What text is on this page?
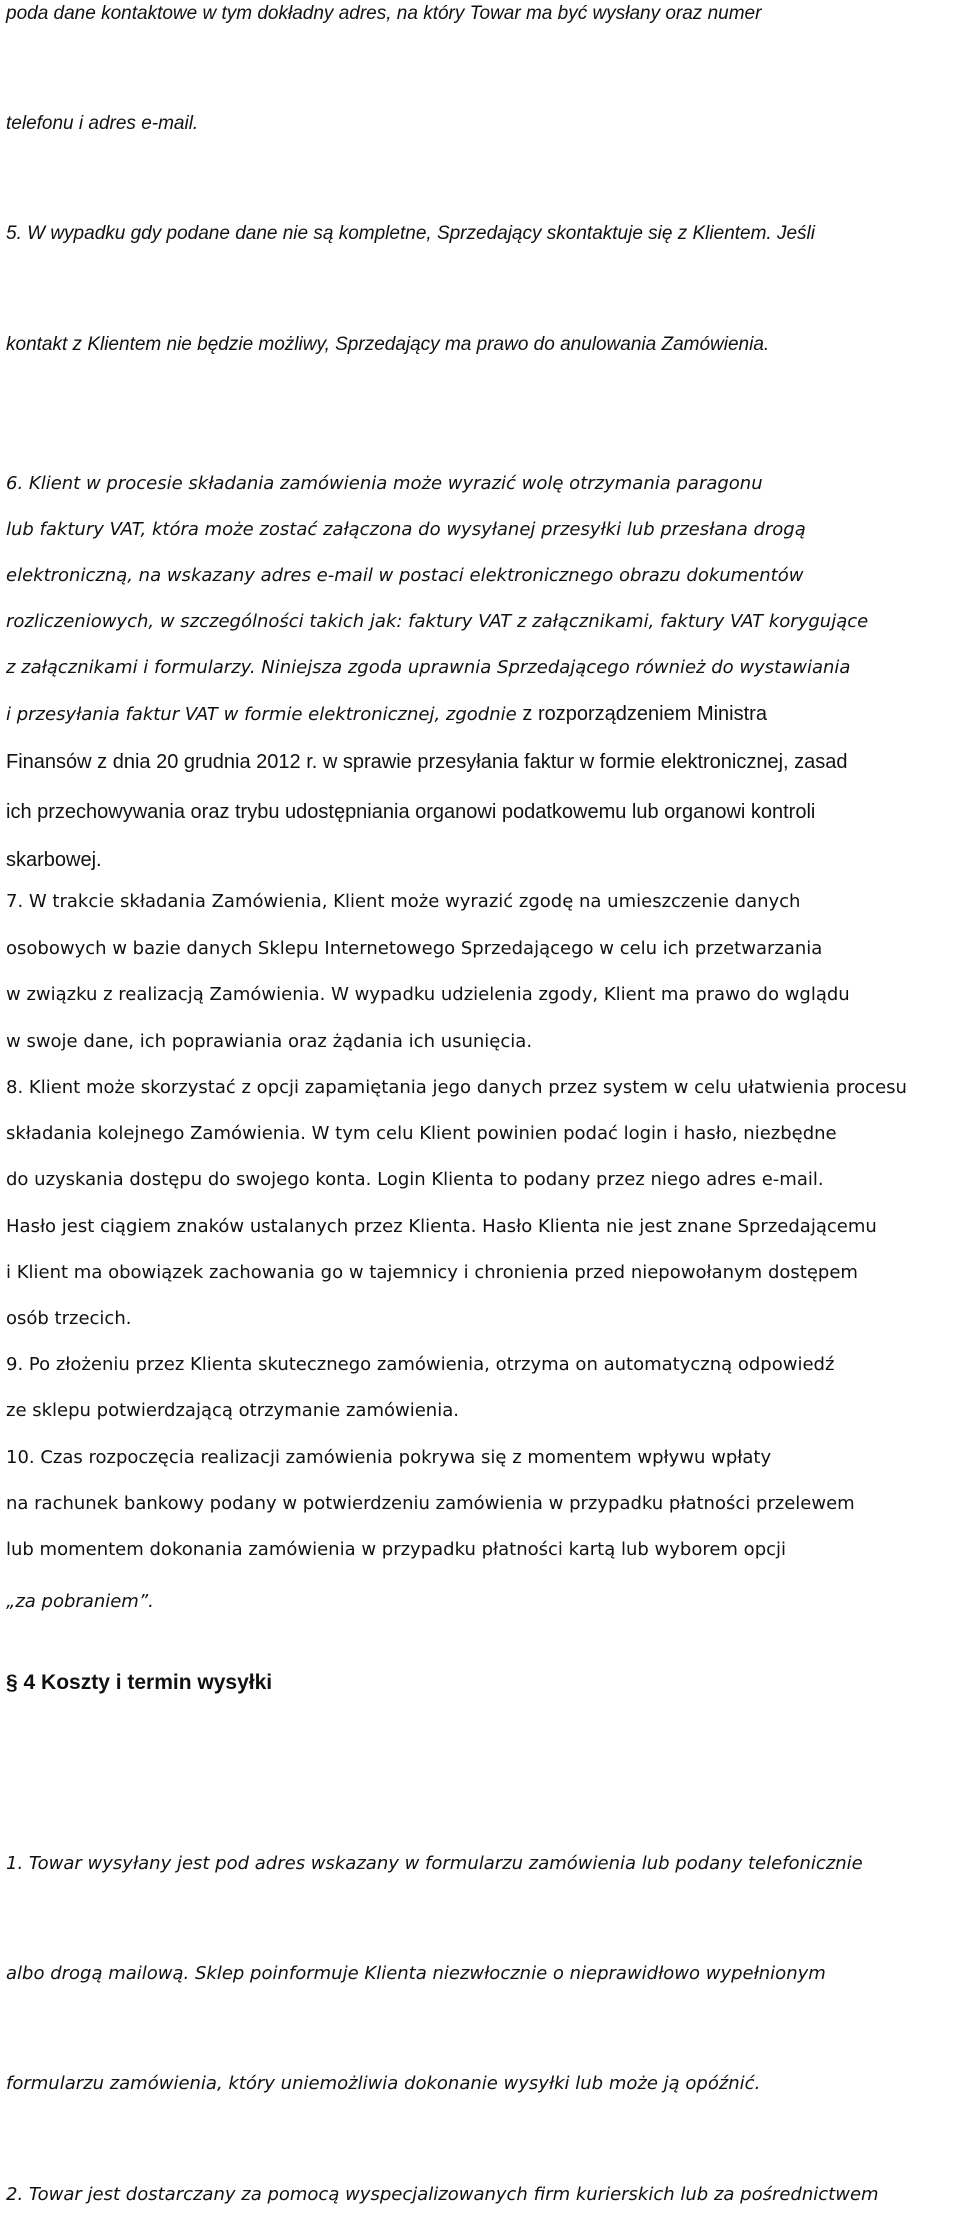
poda dane kontaktowe w tym dokładny adres, na który Towar ma być wysłany oraz numer
telefonu i adres e-mail.
5. W wypadku gdy podane dane nie są kompletne, Sprzedający skontaktuje się z Klientem. Jeśli
kontakt z Klientem nie będzie możliwy, Sprzedający ma prawo do anulowania Zamówienia.
6. Klient w procesie składania zamówienia może wyrazić wolę otrzymania paragonu
lub faktury VAT, która może zostać załączona do wysyłanej przesyłki lub przesłana drogą
elektroniczną, na wskazany adres e-mail w postaci elektronicznego obrazu dokumentów
rozliczeniowych, w szczególności takich jak: faktury VAT z załącznikami, faktury VAT korygujące
z załącznikami i formularzy. Niniejsza zgoda uprawnia Sprzedającego również do wystawiania
i przesyłania faktur VAT w formie elektronicznej, zgodnie z rozporządzeniem Ministra
Finansów z dnia 20 grudnia 2012 r. w sprawie przesyłania faktur w formie elektronicznej, zasad
ich przechowywania oraz trybu udostępniania organowi podatkowemu lub organowi kontroli
skarbowej.
7. W trakcie składania Zamówienia, Klient może wyrazić zgodę na umieszczenie danych
osobowych w bazie danych Sklepu Internetowego Sprzedającego w celu ich przetwarzania
w związku z realizacją Zamówienia. W wypadku udzielenia zgody, Klient ma prawo do wglądu
w swoje dane, ich poprawiania oraz żądania ich usunięcia.
8. Klient może skorzystać z opcji zapamiętania jego danych przez system w celu ułatwienia procesu
składania kolejnego Zamówienia. W tym celu Klient powinien podać login i hasło, niezbędne
do uzyskania dostępu do swojego konta. Login Klienta to podany przez niego adres e-mail.
Hasło jest ciągiem znaków ustalanych przez Klienta. Hasło Klienta nie jest znane Sprzedającemu
i Klient ma obowiązek zachowania go w tajemnicy i chronienia przed niepowołanym dostępem
osób trzecich.
9. Po złożeniu przez Klienta skutecznego zamówienia, otrzyma on automatyczną odpowiedź
ze sklepu potwierdzającą otrzymanie zamówienia.
10. Czas rozpoczęcia realizacji zamówienia pokrywa się z momentem wpływu wpłaty
na rachunek bankowy podany w potwierdzeniu zamówienia w przypadku płatności przelewem
lub momentem dokonania zamówienia w przypadku płatności kartą lub wyborem opcji
„za pobraniem”.
§ 4 Koszty i termin wysyłki
1. Towar wysyłany jest pod adres wskazany w formularzu zamówienia lub podany telefonicznie
albo drogą mailową. Sklep poinformuje Klienta niezwłocznie o nieprawidłowo wypełnionym
formularzu zamówienia, który uniemożliwia dokonanie wysyłki lub może ją opóźnić.
2. Towar jest dostarczany za pomocą wyspecjalizowanych firm kurierskich lub za pośrednictwem
